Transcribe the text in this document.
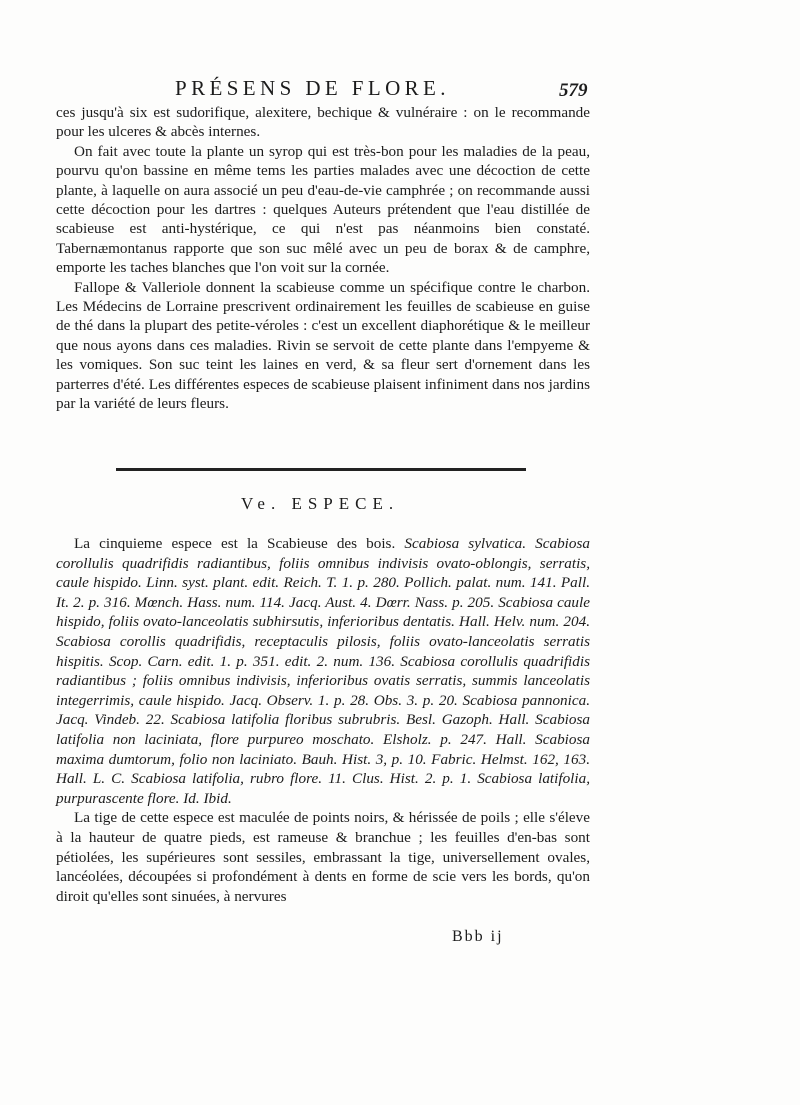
PRÉSENS DE FLORE.	579

ces jusqu'à six est sudorifique, alexitere, bechique & vulnéraire : on le recommande pour les ulceres & abcès internes.

On fait avec toute la plante un syrop qui est très-bon pour les maladies de la peau, pourvu qu'on bassine en même tems les parties malades avec une décoction de cette plante, à laquelle on aura associé un peu d'eau-de-vie camphrée ; on recommande aussi cette décoction pour les dartres : quelques Auteurs prétendent que l'eau distillée de scabieuse est anti-hystérique, ce qui n'est pas néanmoins bien constaté. Tabernæmontanus rapporte que son suc mêlé avec un peu de borax & de camphre, emporte les taches blanches que l'on voit sur la cornée.

Fallope & Valleriole donnent la scabieuse comme un spécifique contre le charbon. Les Médecins de Lorraine prescrivent ordinairement les feuilles de scabieuse en guise de thé dans la plupart des petite-véroles : c'est un excellent diaphorétique & le meilleur que nous ayons dans ces maladies. Rivin se servoit de cette plante dans l'empyeme & les vomiques. Son suc teint les laines en verd, & sa fleur sert d'ornement dans les parterres d'été. Les différentes especes de scabieuse plaisent infiniment dans nos jardins par la variété de leurs fleurs.

Ve. ESPECE.

La cinquieme espece est la Scabieuse des bois. Scabiosa sylvatica. Scabiosa corollulis quadrifidis radiantibus, foliis omnibus indivisis ovato-oblongis, serratis, caule hispido. Linn. syst. plant. edit. Reich. T. 1. p. 280. Pollich. palat. num. 141. Pall. It. 2. p. 316. Mœnch. Hass. num. 114. Jacq. Aust. 4. Dœrr. Nass. p. 205. Scabiosa caule hispido, foliis ovato-lanceolatis subhirsutis, inferioribus dentatis. Hall. Helv. num. 204. Scabiosa corollis quadrifidis, receptaculis pilosis, foliis ovato-lanceolatis serratis hispitis. Scop. Carn. edit. 1. p. 351. edit. 2. num. 136. Scabiosa corollulis quadrifidis radiantibus ; foliis omnibus indivisis, inferioribus ovatis serratis, summis lanceolatis integerrimis, caule hispido. Jacq. Observ. 1. p. 28. Obs. 3. p. 20. Scabiosa pannonica. Jacq. Vindeb. 22. Scabiosa latifolia floribus subrubris. Besl. Gazoph. Hall. Scabiosa latifolia non laciniata, flore purpureo moschato. Elsholz. p. 247. Hall. Scabiosa maxima dumtorum, folio non laciniato. Bauh. Hist. 3, p. 10. Fabric. Helmst. 162, 163. Hall. L. C. Scabiosa latifolia, rubro flore. 11. Clus. Hist. 2. p. 1. Scabiosa latifolia, purpurascente flore. Id. Ibid.

La tige de cette espece est maculée de points noirs, & hérissée de poils ; elle s'éleve à la hauteur de quatre pieds, est rameuse & branchue ; les feuilles d'en-bas sont pétiolées, les supérieures sont sessiles, embrassant la tige, universellement ovales, lancéolées, découpées si profondément à dents en forme de scie vers les bords, qu'on diroit qu'elles sont sinuées, à nervures

Bbb ij
